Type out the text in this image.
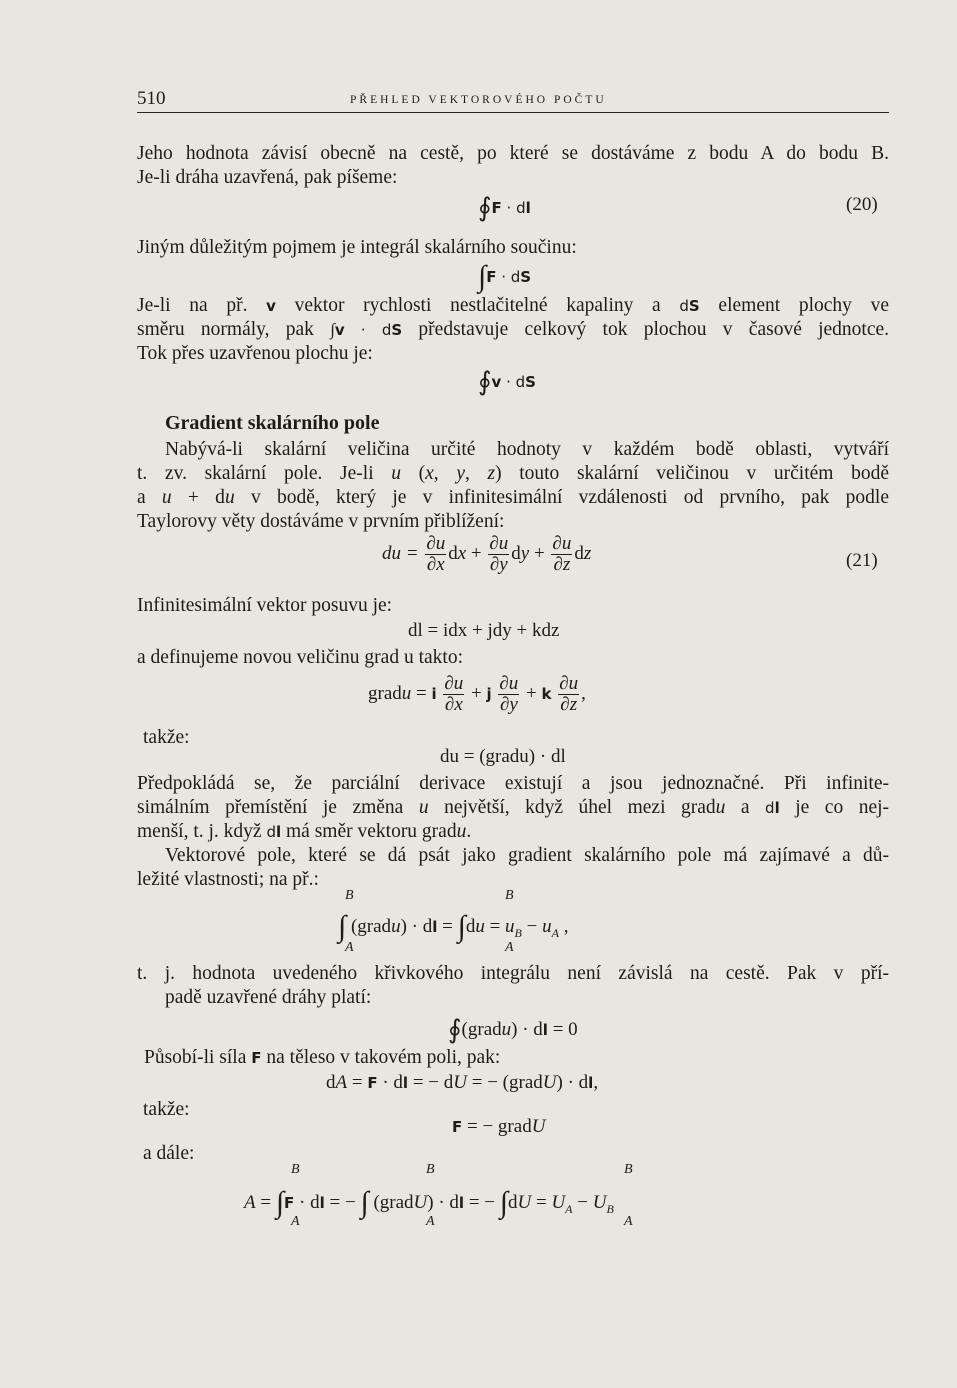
510	PŘEHLED VEKTOROVÉHO POČTU
Jeho hodnota závisí obecně na cestě, po které se dostáváme z bodu A do bodu B.
Je-li dráha uzavřená, pak píšeme:
∮F · dl	(20)
Jiným důležitým pojmem je integrál skalárního součinu:
∫F · dS
Je-li na př. v vektor rychlosti nestlačitelné kapaliny a dS element plochy ve
směru normály, pak ∫v · dS představuje celkový tok plochou v časové jednotce.
Tok přes uzavřenou plochu je:
∮v · dS
Gradient skalárního pole
Nabývá-li skalární veličina určité hodnoty v každém bodě oblasti, vytváří
t. zv. skalární pole. Je-li u (x, y, z) touto skalární veličinou v určitém bodě
a u + du v bodě, který je v infinitesimální vzdálenosti od prvního, pak podle
Taylorovy věty dostáváme v prvním přiblížení:
du = $\frac{\partial u}{\partial x}$ dx + $\frac{\partial u}{\partial y}$ dy + $\frac{\partial u}{\partial z}$ dz	(21)
Infinitesimální vektor posuvu je:
dl = idx + jdy + kdz
a definujeme novou veličinu grad u takto:
gradu = i $\frac{\partial u}{\partial x} + j \frac{\partial u}{\partial y} + k \frac{\partial u}{\partial z}$ ,
takže:
du = (gradu) · dl
Předpokládá se, že parciální derivace existují a jsou jednoznačné. Při infinite-
simálním přemístění je změna u největší, když úhel mezi gradu a dl je co nej-
menší, t. j. když dl má směr vektoru gradu.
Vektorové pole, které se dá psát jako gradient skalárního pole má zajímavé a dů-
ležité vlastnosti; na př.:
B	B
∫ (gradu) · dl = $\int du = u_B - u_A$ ,
A	A
t. j. hodnota uvedeného křivkového integrálu není závislá na cestě. Pak v pří-
padě uzavřené dráhy platí:
∮(gradu) · dl = 0
Působí-li síla F na těleso v takovém poli, pak:
dA = F · dl = − dU = − (gradU) · dl,
takže:
F = − gradU
a dále:
B	B	B
A = ∫F · dl = − ∫ (gradU) · dl = − $\int dU = U_A - U_B$
A	A	A
